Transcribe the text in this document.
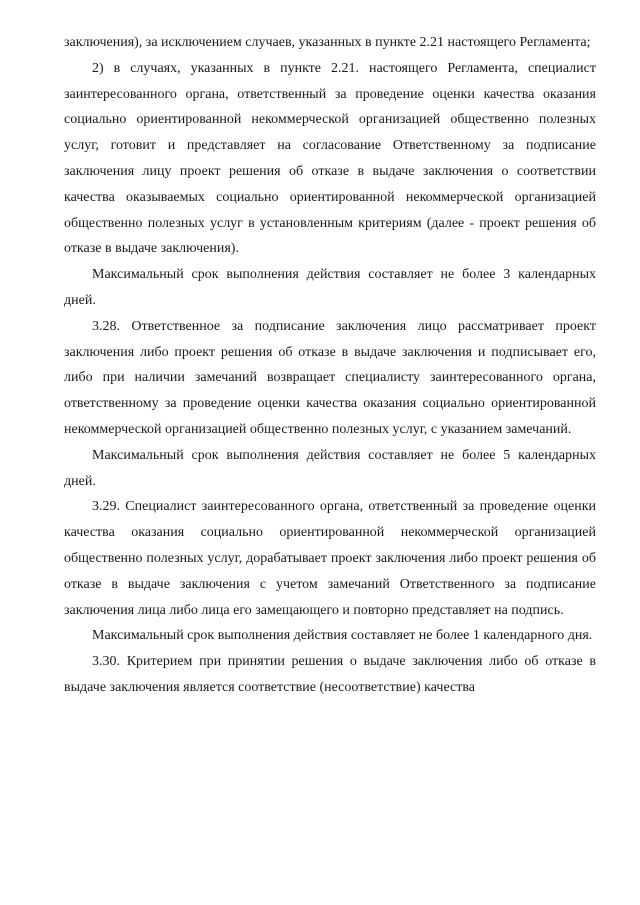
заключения), за исключением случаев, указанных в пункте 2.21 настоящего Регламента;

2) в случаях, указанных в пункте 2.21. настоящего Регламента, специалист заинтересованного органа, ответственный за проведение оценки качества оказания социально ориентированной некоммерческой организацией общественно полезных услуг, готовит и представляет на согласование Ответственному за подписание заключения лицу проект решения об отказе в выдаче заключения о соответствии качества оказываемых социально ориентированной некоммерческой организацией общественно полезных услуг в установленным критериям (далее - проект решения об отказе в выдаче заключения).

Максимальный срок выполнения действия составляет не более 3 календарных дней.

3.28. Ответственное за подписание заключения лицо рассматривает проект заключения либо проект решения об отказе в выдаче заключения и подписывает его, либо при наличии замечаний возвращает специалисту заинтересованного органа, ответственному за проведение оценки качества оказания социально ориентированной некоммерческой организацией общественно полезных услуг, с указанием замечаний.

Максимальный срок выполнения действия составляет не более 5 календарных дней.

3.29. Специалист заинтересованного органа, ответственный за проведение оценки качества оказания социально ориентированной некоммерческой организацией общественно полезных услуг, дорабатывает проект заключения либо проект решения об отказе в выдаче заключения с учетом замечаний Ответственного за подписание заключения лица либо лица его замещающего и повторно представляет на подпись.

Максимальный срок выполнения действия составляет не более 1 календарного дня.

3.30. Критерием при принятии решения о выдаче заключения либо об отказе в выдаче заключения является соответствие (несоответствие) качества
